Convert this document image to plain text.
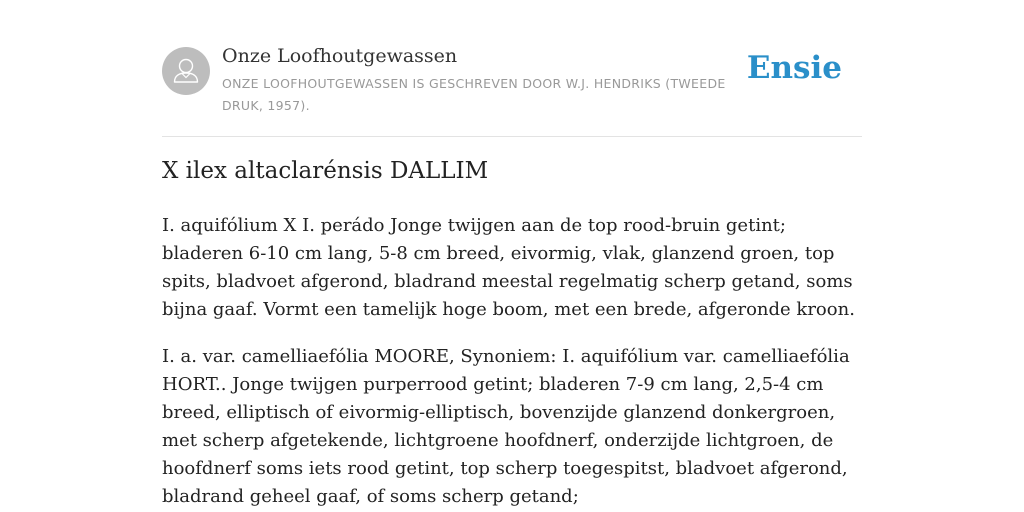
Onze Loofhoutgewassen
ONZE LOOFHOUTGEWASSEN IS GESCHREVEN DOOR W.J. HENDRIKS (TWEEDE DRUK, 1957).
Ensie
X ilex altaclarénsis DALLIM

I. aquifólium X I. perádo Jonge twijgen aan de top rood-bruin getint; bladeren 6-10 cm lang, 5-8 cm breed, eivormig, vlak, glanzend groen, top spits, bladvoet afgerond, bladrand meestal regelmatig scherp getand, soms bijna gaaf. Vormt een tamelijk hoge boom, met een brede, afgeronde kroon.

I. a. var. camelliaefólia MOORE, Synoniem: I. aquifólium var. camelliaefólia HORT.. Jonge twijgen purperrood getint; bladeren 7-9 cm lang, 2,5-4 cm breed, elliptisch of eivormig-elliptisch, bovenzijde glanzend donkergroen, met scherp afgetekende, lichtgroene hoofdnerf, onderzijde lichtgroen, de hoofdnerf soms iets rood getint, top scherp toegespitst, bladvoet afgerond, bladrand geheel gaaf, of soms scherp getand;
